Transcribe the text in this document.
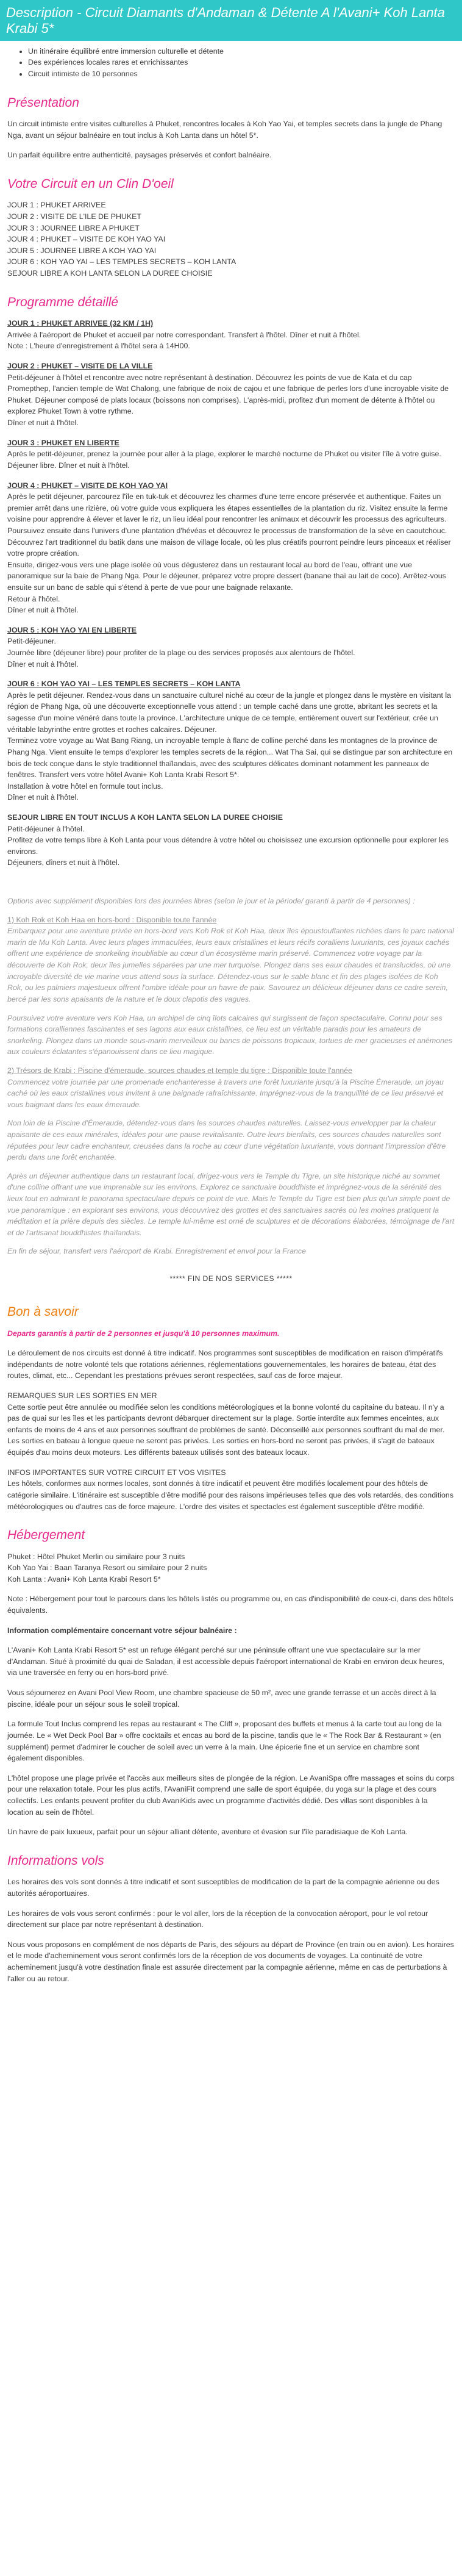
Description - Circuit Diamants d'Andaman & Détente A l'Avani+ Koh Lanta Krabi 5*
• Un itinéraire équilibré entre immersion culturelle et détente
• Des expériences locales rares et enrichissantes
• Circuit intimiste de 10 personnes
Présentation

Un circuit intimiste entre visites culturelles à Phuket, rencontres locales à Koh Yao Yai, et temples secrets dans la jungle de Phang Nga, avant un séjour balnéaire en tout inclus à Koh Lanta dans un hôtel 5*.

Un parfait équilibre entre authenticité, paysages préservés et confort balnéaire.

Votre Circuit en un Clin D'oeil
JOUR 1 : PHUKET ARRIVEE
JOUR 2 : VISITE DE L'ILE DE PHUKET
JOUR 3 : JOURNEE LIBRE A PHUKET
JOUR 4 : PHUKET – VISITE DE KOH YAO YAI
JOUR 5 : JOURNEE LIBRE A KOH YAO YAI
JOUR 6 : KOH YAO YAI – LES TEMPLES SECRETS – KOH LANTA
SEJOUR LIBRE A KOH LANTA SELON LA DUREE CHOISIE
Programme détaillé
JOUR 1 : PHUKET ARRIVEE (32 KM / 1H)
Arrivée à l'aéroport de Phuket et accueil par notre correspondant. Transfert à l'hôtel. Dîner et nuit à l'hôtel.
Note : L'heure d'enregistrement à l'hôtel sera à 14H00.
JOUR 2 : PHUKET – VISITE DE LA VILLE
Petit-déjeuner à l'hôtel et rencontre avec notre représentant à destination. Découvrez les points de vue de Kata et du cap Promepthep, l'ancien temple de Wat Chalong, une fabrique de noix de cajou et une fabrique de perles lors d'une incroyable visite de Phuket. Déjeuner composé de plats locaux (boissons non comprises). L'après-midi, profitez d'un moment de détente à l'hôtel ou explorez Phuket Town à votre rythme.
Dîner et nuit à l'hôtel.
JOUR 3 : PHUKET EN LIBERTE
Après le petit-déjeuner, prenez la journée pour aller à la plage, explorer le marché nocturne de Phuket ou visiter l'île à votre guise. Déjeuner libre. Dîner et nuit à l'hôtel.
JOUR 4 : PHUKET – VISITE DE KOH YAO YAI
Après le petit déjeuner, parcourez l'île en tuk-tuk et découvrez les charmes d'une terre encore préservée et authentique. Faites un premier arrêt dans une rizière, où votre guide vous expliquera les étapes essentielles de la plantation du riz. Visitez ensuite la ferme voisine pour apprendre à élever et laver le riz, un lieu idéal pour rencontrer les animaux et découvrir les processus des agriculteurs. Poursuivez ensuite dans l'univers d'une plantation d'hévéas et découvrez le processus de transformation de la sève en caoutchouc. Découvrez l'art traditionnel du batik dans une maison de village locale, où les plus créatifs pourront peindre leurs pinceaux et réaliser votre propre création.
Ensuite, dirigez-vous vers une plage isolée où vous dégusterez dans un restaurant local au bord de l'eau, offrant une vue panoramique sur la baie de Phang Nga. Pour le déjeuner, préparez votre propre dessert (banane thaï au lait de coco). Arrêtez-vous ensuite sur un banc de sable qui s'étend à perte de vue pour une baignade relaxante.
Retour à l'hôtel.
Dîner et nuit à l'hôtel.
JOUR 5 : KOH YAO YAI EN LIBERTE
Petit-déjeuner.
Journée libre (déjeuner libre) pour profiter de la plage ou des services proposés aux alentours de l'hôtel.
Dîner et nuit à l'hôtel.
JOUR 6 : KOH YAO YAI – LES TEMPLES SECRETS – KOH LANTA
Après le petit déjeuner. Rendez-vous dans un sanctuaire culturel niché au cœur de la jungle et plongez dans le mystère en visitant la région de Phang Nga, où une découverte exceptionnelle vous attend : un temple caché dans une grotte, abritant les secrets et la sagesse d'un moine vénéré dans toute la province. L'architecture unique de ce temple, entièrement ouvert sur l'extérieur, crée un véritable labyrinthe entre grottes et roches calcaires. Déjeuner.
Terminez votre voyage au Wat Bang Riang, un incroyable temple à flanc de colline perché dans les montagnes de la province de Phang Nga. Vient ensuite le temps d'explorer les temples secrets de la région... Wat Tha Sai, qui se distingue par son architecture en bois de teck conçue dans le style traditionnel thaïlandais, avec des sculptures délicates dominant notamment les panneaux de fenêtres. Transfert vers votre hôtel Avani+ Koh Lanta Krabi Resort 5*.
Installation à votre hôtel en formule tout inclus.
Dîner et nuit à l'hôtel.
SEJOUR LIBRE EN TOUT INCLUS A KOH LANTA SELON LA DUREE CHOISIE
Petit-déjeuner à l'hôtel.
Profitez de votre temps libre à Koh Lanta pour vous détendre à votre hôtel ou choisissez une excursion optionnelle pour explorer les environs.
Déjeuners, dîners et nuit à l'hôtel.

Options avec supplément disponibles lors des journées libres (selon le jour et la période/ garanti à partir de 4 personnes) :

1) Koh Rok et Koh Haa en hors-bord : Disponible toute l'année

Embarquez pour une aventure privée en hors-bord vers Koh Rok et Koh Haa, deux îles époustouflantes nichées dans le parc national marin de Mu Koh Lanta. Avec leurs plages immaculées, leurs eaux cristallines et leurs récifs coralliens luxuriants, ces joyaux cachés offrent une expérience de snorkeling inoubliable au cœur d'un écosystème marin préservé. Commencez votre voyage par la découverte de Koh Rok, deux îles jumelles séparées par une mer turquoise. Plongez dans ses eaux chaudes et translucides, où une incroyable diversité de vie marine vous attend sous la surface. Détendez-vous sur le sable blanc et fin des plages isolées de Koh Rok, ou les palmiers majestueux offrent l'ombre idéale pour un havre de paix. Savourez un délicieux déjeuner dans ce cadre serein, bercé par les sons apaisants de la nature et le doux clapotis des vagues.

Poursuivez votre aventure vers Koh Haa, un archipel de cinq îlots calcaires qui surgissent de façon spectaculaire. Connu pour ses formations coralliennes fascinantes et ses lagons aux eaux cristallines, ce lieu est un véritable paradis pour les amateurs de snorkeling. Plongez dans un monde sous-marin merveilleux ou bancs de poissons tropicaux, tortues de mer gracieuses et anémones aux couleurs éclatantes s'épanouissent dans ce lieu magique.

2) Trésors de Krabi : Piscine d'émeraude, sources chaudes et temple du tigre : Disponible toute l'année

Commencez votre journée par une promenade enchanteresse à travers une forêt luxuriante jusqu'à la Piscine Émeraude, un joyau caché où les eaux cristallines vous invitent à une baignade rafraîchissante. Imprégnez-vous de la tranquillité de ce lieu préservé et vous baignant dans les eaux émeraude.

Non loin de la Piscine d'Émeraude, détendez-vous dans les sources chaudes naturelles. Laissez-vous envelopper par la chaleur apaisante de ces eaux minérales, idéales pour une pause revitalisante. Outre leurs bienfaits, ces sources chaudes naturelles sont réputées pour leur cadre enchanteur, creusées dans la roche au cœur d'une végétation luxuriante, vous donnant l'impression d'être perdu dans une forêt enchantée.

Après un déjeuner authentique dans un restaurant local, dirigez-vous vers le Temple du Tigre, un site historique niché au sommet d'une colline offrant une vue imprenable sur les environs. Explorez ce sanctuaire bouddhiste et imprégnez-vous de la sérénité des lieux tout en admirant le panorama spectaculaire depuis ce point de vue. Mais le Temple du Tigre est bien plus qu'un simple point de vue panoramique : en explorant ses environs, vous découvrirez des grottes et des sanctuaires sacrés où les moines pratiquent la méditation et la prière depuis des siècles. Le temple lui-même est orné de sculptures et de décorations élaborées, témoignage de l'art et de l'artisanat bouddhistes thaïlandais.

En fin de séjour, transfert vers l'aéroport de Krabi. Enregistrement et envol pour la France

***** FIN DE NOS SERVICES *****
Bon à savoir

Departs garantis à partir de 2 personnes et jusqu'à 10 personnes maximum.

Le déroulement de nos circuits est donné à titre indicatif. Nos programmes sont susceptibles de modification en raison d'impératifs indépendants de notre volonté tels que rotations aériennes, réglementations gouvernementales, les horaires de bateau, état des routes, climat, etc... Cependant les prestations prévues seront respectées, sauf cas de force majeur.

REMARQUES SUR LES SORTIES EN MER
Cette sortie peut être annulée ou modifiée selon les conditions météorologiques et la bonne volonté du capitaine du bateau. Il n'y a pas de quai sur les îles et les participants devront débarquer directement sur la plage. Sortie interdite aux femmes enceintes, aux enfants de moins de 4 ans et aux personnes souffrant de problèmes de santé. Déconseillé aux personnes souffrant du mal de mer. Les sorties en bateau à longue queue ne seront pas privées. Les sorties en hors-bord ne seront pas privées, il s'agit de bateaux équipés d'au moins deux moteurs. Les différents bateaux utilisés sont des bateaux locaux.
INFOS IMPORTANTES SUR VOTRE CIRCUIT ET VOS VISITES
Les hôtels, conformes aux normes locales, sont donnés à titre indicatif et peuvent être modifiés localement pour des hôtels de catégorie similaire. L'itinéraire est susceptible d'être modifié pour des raisons impérieuses telles que des vols retardés, des conditions météorologiques ou d'autres cas de force majeure. L'ordre des visites et spectacles est également susceptible d'être modifié.
Hébergement
Phuket : Hôtel Phuket Merlin ou similaire pour 3 nuits
Koh Yao Yai : Baan Taranya Resort ou similaire pour 2 nuits
Koh Lanta : Avani+ Koh Lanta Krabi Resort 5*

Note : Hébergement pour tout le parcours dans les hôtels listés ou programme ou, en cas d'indisponibilité de ceux-ci, dans des hôtels équivalents.

Information complémentaire concernant votre séjour balnéaire :

L'Avani+ Koh Lanta Krabi Resort 5* est un refuge élégant perché sur une péninsule offrant une vue spectaculaire sur la mer d'Andaman. Situé à proximité du quai de Saladan, il est accessible depuis l'aéroport international de Krabi en environ deux heures, via une traversée en ferry ou en hors-bord privé.

Vous séjournerez en Avani Pool View Room, une chambre spacieuse de 50 m², avec une grande terrasse et un accès direct à la piscine, idéale pour un séjour sous le soleil tropical.

La formule Tout Inclus comprend les repas au restaurant « The Cliff », proposant des buffets et menus à la carte tout au long de la journée. Le « Wet Deck Pool Bar » offre cocktails et encas au bord de la piscine, tandis que le « The Rock Bar & Restaurant » (en supplément) permet d'admirer le coucher de soleil avec un verre à la main. Une épicerie fine et un service en chambre sont également disponibles.

L'hôtel propose une plage privée et l'accès aux meilleurs sites de plongée de la région. Le AvaniSpa offre massages et soins du corps pour une relaxation totale. Pour les plus actifs, l'AvaniFit comprend une salle de sport équipée, du yoga sur la plage et des cours collectifs. Les enfants peuvent profiter du club AvaniKids avec un programme d'activités dédié. Des villas sont disponibles à la location au sein de l'hôtel.

Un havre de paix luxueux, parfait pour un séjour alliant détente, aventure et évasion sur l'île paradisiaque de Koh Lanta.

Informations vols

Les horaires des vols sont donnés à titre indicatif et sont susceptibles de modification de la part de la compagnie aérienne ou des autorités aéroportuaires.

Les horaires de vols vous seront confirmés : pour le vol aller, lors de la réception de la convocation aéroport, pour le vol retour directement sur place par notre représentant à destination.

Nous vous proposons en complément de nos départs de Paris, des séjours au départ de Province (en train ou en avion). Les horaires et le mode d'acheminement vous seront confirmés lors de la réception de vos documents de voyages. La continuité de votre acheminement jusqu'à votre destination finale est assurée directement par la compagnie aérienne, même en cas de perturbations à l'aller ou au retour.
